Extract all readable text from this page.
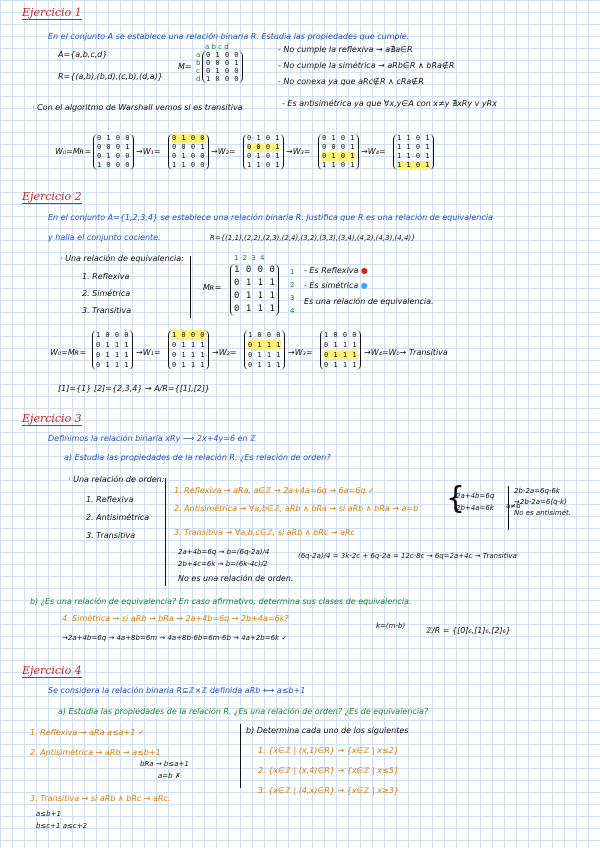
Ejercicio 1
En el conjunto A se establece una relación binaria R. Estudia las propiedades que cumple.
A={a,b,c,d}
R={(a,b),(b,d),(c,b),(d,a)}
M=
a b c d
a
b
c
d
0 1 0 0
0 0 0 1
0 1 0 0
1 0 0 0
- No cumple la reflexiva → a∄a∈R
- No cumple la simétrica → aRb∈R ∧ bRa∉R
- No conexa ya que aRc∉R ∧ cRa∉R
· Con el algoritmo de Warshall vemos si es transitiva	- Es antisimétrica ya que ∀x,y∈A con x≠y ∄xRy v yRx
W₀=Mʀ=
0 1 0 0
0 0 0 1
0 1 0 0
1 0 0 0
→W₁=
0 1 0 0
0 0 0 1
0 1 0 0
1 1 0 0
→W₂=
0 1 0 1
0 0 0 1
0 1 0 1
1 1 0 1
→W₃=
0 1 0 1
0 0 0 1
0 1 0 1
1 1 0 1
→W₄=
1 1 0 1
1 1 0 1
1 1 0 1
1 1 0 1
Ejercicio 2
En el conjunto A={1,2,3,4} se establece una relación binaria R. Justifica que R es una relación de equivalencia
y halla el conjunto cociente.	R={(1,1),(2,2),(2,3),(2,4),(3,2),(3,3),(3,4),(4,2),(4,3),(4,4)}
· Una relación de equivalencia:
1. Reflexiva
2. Simétrica
3. Transitiva
Mʀ=
1 2 3 4
1 0 0 0
0 1 1 1
0 1 1 1
0 1 1 1
1
2
3
4
- Es Reflexiva ●
- Es simétrica ●
Es una relación de equivalencia.
W₀=Mʀ=
1 0 0 0
0 1 1 1
0 1 1 1
0 1 1 1
→W₁=
1 0 0 0
0 1 1 1
0 1 1 1
0 1 1 1
→W₂=
1 0 0 0
0 1 1 1
0 1 1 1
0 1 1 1
→W₃=
1 0 0 0
0 1 1 1
0 1 1 1
0 1 1 1
→W₄=W₀→ Transitiva
[1]={1} [2]={2,3,4} → A/R={[1],[2]}
Ejercicio 3
Definimos la relación binaria xRy ⟶ 2x+4y=6̇ en ℤ
a) Estudia las propiedades de la relación R. ¿Es relación de orden?
· Una relación de orden:
1. Reflexiva
2. Antisimétrica
3. Transitiva
1. Reflexiva → aRa, a∈ℤ → 2a+4a=6q → 6a=6q ✓
2. Antisimétrica → ∀a,b∈ℤ, aRb ∧ bRa → si aRb ∧ bRa → a=b {
2a+4b=6q
2b+4a=6k a≠b
2b-2a=6q-6k
→2b-2a=6(q-k)
No es antisimét.
3. Transitiva → ∀a,b,c∈ℤ, si aRb ∧ bRc → aRc
2a+4b=6q → b=(6q-2a)/4
2b+4c=6k → b=(6k-4c)/2
(6q-2a)/4 = 3k-2c + 6q-2a = 12c-8c → 6q=2a+4c → Transitiva
No es una relación de orden.
b) ¿Es una relación de equivalencia? En caso afirmativo, determina sus clases de equivalencia.
4. Simétrica → si aRb → bRa → 2a+4b=6q → 2b+4a=6k?
→2a+4b=6q → 4a+8b=6m → 4a+8b-6b=6m-6b → 4a+2b=6k ✓
k=(m-b)	ℤ/R = {[0]₆,[1]₆,[2]₆}
Ejercicio 4
Se considera la relación binaria R⊆ℤ×ℤ definida aRb ⟷ a≤b+1
a) Estudia las propiedades de la relación R. ¿Es una relación de orden? ¿Es de equivalencia?
1. Reflexiva → aRa a≤a+1 ✓
2. Antisimétrica → aRb → a≤b+1
bRa → b≤a+1
a=b ✗
3. Transitiva → si aRb ∧ bRc → aRc.
a≤b+1
b≤c+1 a≤c+2
b) Determina cada uno de los siguientes
1. {x∈ℤ | (x,1)∈R} → {x∈ℤ | x≤2}
2. {x∈ℤ | (x,4)∈R} → {x∈ℤ | x≤5}
3. {x∈ℤ | (4,x)∈R} → {x∈ℤ | x≥3}
